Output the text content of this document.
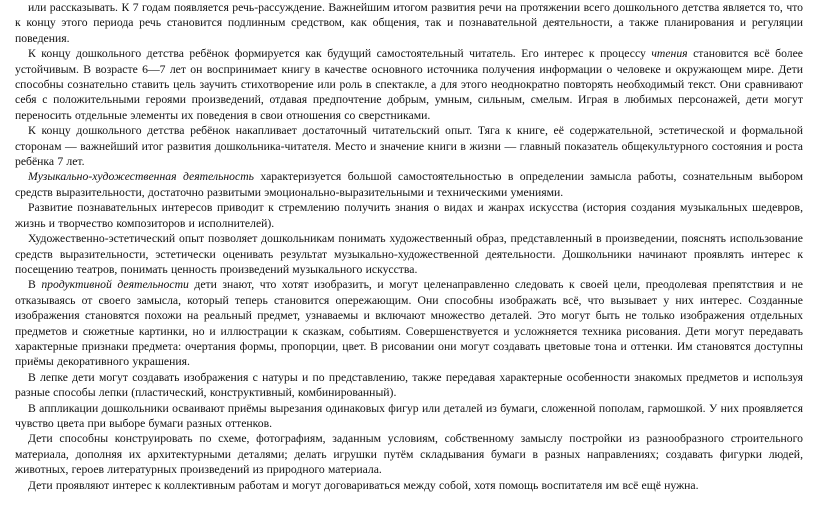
или рассказывать. К 7 годам появляется речь-рассуждение. Важнейшим итогом развития речи на протяжении всего дошкольного детства является то, что к концу этого периода речь становится подлинным средством, как общения, так и познавательной деятельности, а также планирования и регуляции поведения.

К концу дошкольного детства ребёнок формируется как будущий самостоятельный читатель. Его интерес к процессу чтения становится всё более устойчивым. В возрасте 6—7 лет он воспринимает книгу в качестве основного источника получения информации о человеке и окружающем мире. Дети способны сознательно ставить цель заучить стихотворение или роль в спектакле, а для этого неоднократно повторять необходимый текст. Они сравнивают себя с положительными героями произведений, отдавая предпочтение добрым, умным, сильным, смелым. Играя в любимых персонажей, дети могут переносить отдельные элементы их поведения в свои отношения со сверстниками.

К концу дошкольного детства ребёнок накапливает достаточный читательский опыт. Тяга к книге, её содержательной, эстетической и формальной сторонам — важнейший итог развития дошкольника-читателя. Место и значение книги в жизни — главный показатель общекультурного состояния и роста ребёнка 7 лет.

Музыкально-художественная деятельность характеризуется большой самостоятельностью в определении замысла работы, сознательным выбором средств выразительности, достаточно развитыми эмоционально-выразительными и техническими умениями.

Развитие познавательных интересов приводит к стремлению получить знания о видах и жанрах искусства (история создания музыкальных шедевров, жизнь и творчество композиторов и исполнителей).

Художественно-эстетический опыт позволяет дошкольникам понимать художественный образ, представленный в произведении, пояснять использование средств выразительности, эстетически оценивать результат музыкально-художественной деятельности. Дошкольники начинают проявлять интерес к посещению театров, понимать ценность произведений музыкального искусства.

В продуктивной деятельности дети знают, что хотят изобразить, и могут целенаправленно следовать к своей цели, преодолевая препятствия и не отказываясь от своего замысла, который теперь становится опережающим. Они способны изображать всё, что вызывает у них интерес. Созданные изображения становятся похожи на реальный предмет, узнаваемы и включают множество деталей. Это могут быть не только изображения отдельных предметов и сюжетные картинки, но и иллюстрации к сказкам, событиям. Совершенствуется и усложняется техника рисования. Дети могут передавать характерные признаки предмета: очертания формы, пропорции, цвет. В рисовании они могут создавать цветовые тона и оттенки. Им становятся доступны приёмы декоративного украшения.

В лепке дети могут создавать изображения с натуры и по представлению, также передавая характерные особенности знакомых предметов и используя разные способы лепки (пластический, конструктивный, комбинированный).

В аппликации дошкольники осваивают приёмы вырезания одинаковых фигур или деталей из бумаги, сложенной пополам, гармошкой. У них проявляется чувство цвета при выборе бумаги разных оттенков.

Дети способны конструировать по схеме, фотографиям, заданным условиям, собственному замыслу постройки из разнообразного строительного материала, дополняя их архитектурными деталями; делать игрушки путём складывания бумаги в разных направлениях; создавать фигурки людей, животных, героев литературных произведений из природного материала.

Дети проявляют интерес к коллективным работам и могут договариваться между собой, хотя помощь воспитателя им всё ещё нужна.
